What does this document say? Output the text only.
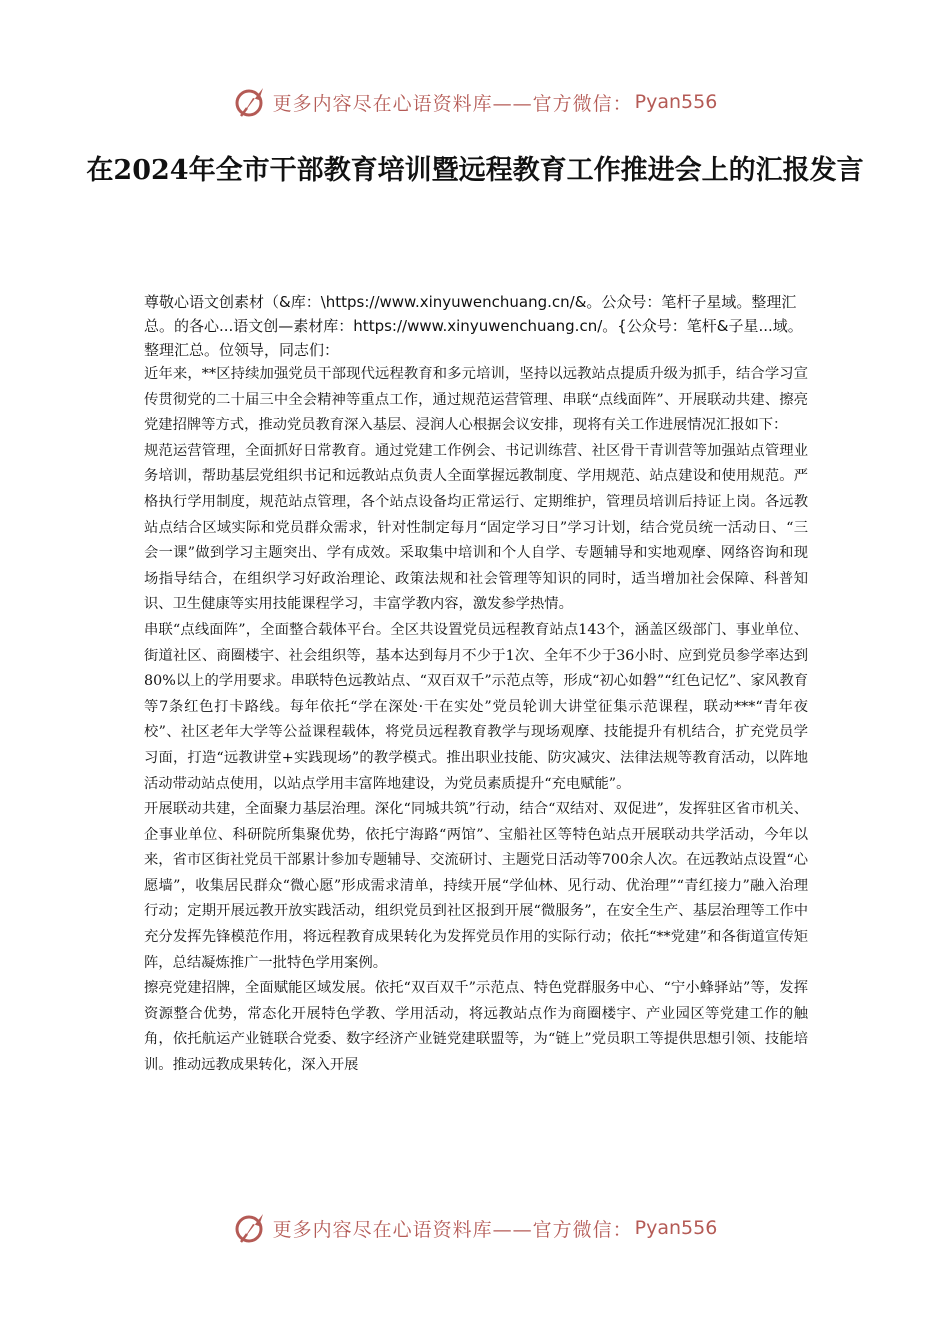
更多内容尽在心语资料库——官方微信： Pyan556
在2024年全市干部教育培训暨远程教育工作推进会上的汇报发言

尊敬心语文创素材（&库：\https://www.xinyuwenchuang.cn/&。公众号：笔杆子星域。整理汇总。的各心...语文创—素材库：https://www.xinyuwenchuang.cn/。{公众号：笔杆&子星...域。整理汇总。位领导，同志们：

近年来，**区持续加强党员干部现代远程教育和多元培训，坚持以远教站点提质升级为抓手，结合学习宣传贯彻党的二十届三中全会精神等重点工作，通过规范运营管理、串联“点线面阵”、开展联动共建、擦亮党建招牌等方式，推动党员教育深入基层、浸润人心根据会议安排，现将有关工作进展情况汇报如下：

规范运营管理，全面抓好日常教育。通过党建工作例会、书记训练营、社区骨干青训营等加强站点管理业务培训，帮助基层党组织书记和远教站点负责人全面掌握远教制度、学用规范、站点建设和使用规范。严格执行学用制度，规范站点管理，各个站点设备均正常运行、定期维护，管理员培训后持证上岗。各远教站点结合区域实际和党员群众需求，针对性制定每月“固定学习日”学习计划，结合党员统一活动日、“三会一课”做到学习主题突出、学有成效。采取集中培训和个人自学、专题辅导和实地观摩、网络咨询和现场指导结合，在组织学习好政治理论、政策法规和社会管理等知识的同时，适当增加社会保障、科普知识、卫生健康等实用技能课程学习，丰富学教内容，激发参学热情。

串联“点线面阵”，全面整合载体平台。全区共设置党员远程教育站点143个，涵盖区级部门、事业单位、街道社区、商圈楼宇、社会组织等，基本达到每月不少于1次、全年不少于36小时、应到党员参学率达到80%以上的学用要求。串联特色远教站点、“双百双千”示范点等，形成“初心如磐”“红色记忆”、家风教育等7条红色打卡路线。每年依托“学在深处·干在实处”党员轮训大讲堂征集示范课程，联动***“青年夜校”、社区老年大学等公益课程载体，将党员远程教育教学与现场观摩、技能提升有机结合，扩充党员学习面，打造“远教讲堂+实践现场”的教学模式。推出职业技能、防灾减灾、法律法规等教育活动，以阵地活动带动站点使用，以站点学用丰富阵地建设，为党员素质提升“充电赋能”。

开展联动共建，全面聚力基层治理。深化“同城共筑”行动，结合“双结对、双促进”，发挥驻区省市机关、企事业单位、科研院所集聚优势，依托宁海路“两馆”、宝船社区等特色站点开展联动共学活动，今年以来，省市区街社党员干部累计参加专题辅导、交流研讨、主题党日活动等700余人次。在远教站点设置“心愿墙”，收集居民群众“微心愿”形成需求清单，持续开展“学仙林、见行动、优治理”“青红接力”融入治理行动；定期开展远教开放实践活动，组织党员到社区报到开展“微服务”，在安全生产、基层治理等工作中充分发挥先锋模范作用，将远程教育成果转化为发挥党员作用的实际行动；依托“**党建”和各街道宣传矩阵，总结凝炼推广一批特色学用案例。

擦亮党建招牌，全面赋能区域发展。依托“双百双千”示范点、特色党群服务中心、“宁小蜂驿站”等，发挥资源整合优势，常态化开展特色学教、学用活动，将远教站点作为商圈楼宇、产业园区等党建工作的触角，依托航运产业链联合党委、数字经济产业链党建联盟等，为“链上”党员职工等提供思想引领、技能培训。推动远教成果转化，深入开展

更多内容尽在心语资料库——官方微信： Pyan556
